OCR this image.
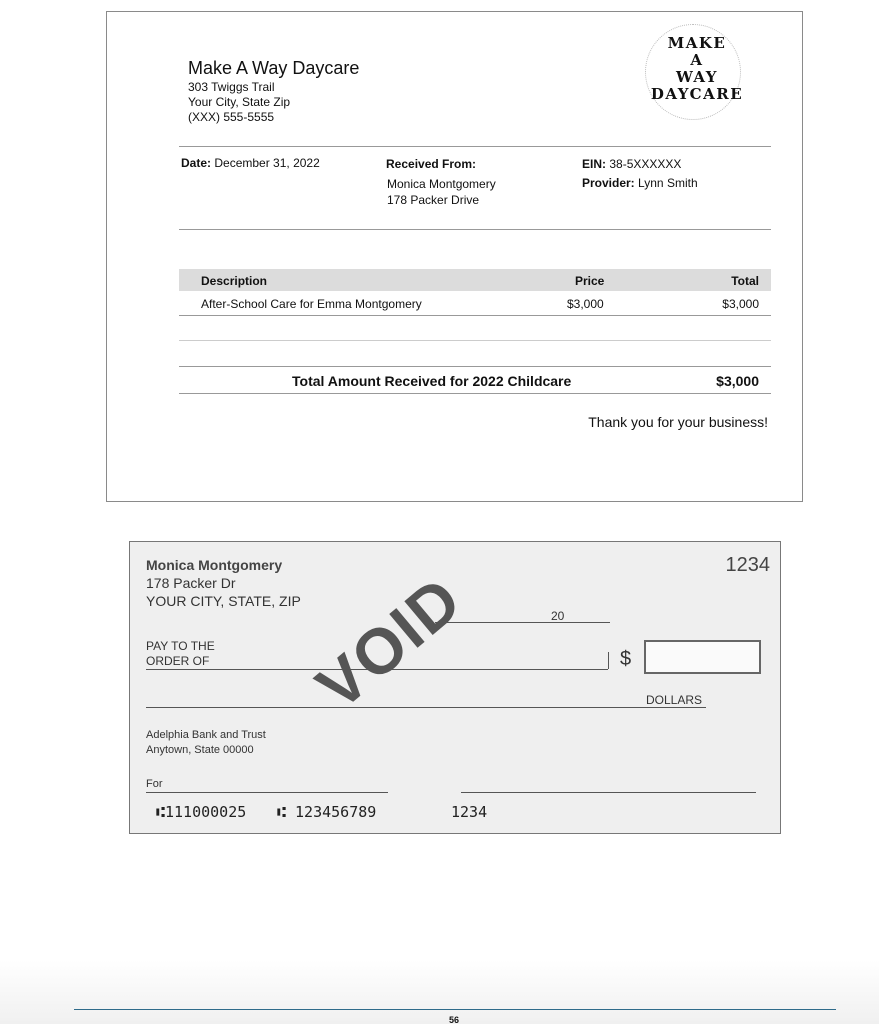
Make A Way Daycare
303 Twiggs Trail
Your City, State Zip
(XXX) 555-5555
MAKE
A
WAY
DAYCARE
Date: December 31, 2022	Received From:
Monica Montgomery
178 Packer Drive
EIN: 38-5XXXXXX
Provider: Lynn Smith
Description	Price	Total
After-School Care for Emma Montgomery	$3,000	$3,000
Total Amount Received for 2022 Childcare	$3,000
Thank you for your business!
Monica Montgomery
178 Packer Dr
YOUR CITY, STATE, ZIP
1234
20
PAY TO THE
ORDER OF	$
DOLLARS
Adelphia Bank and Trust
Anytown, State 00000
For
VOID
⑆111000025 ⑆ 123456789	1234
56
